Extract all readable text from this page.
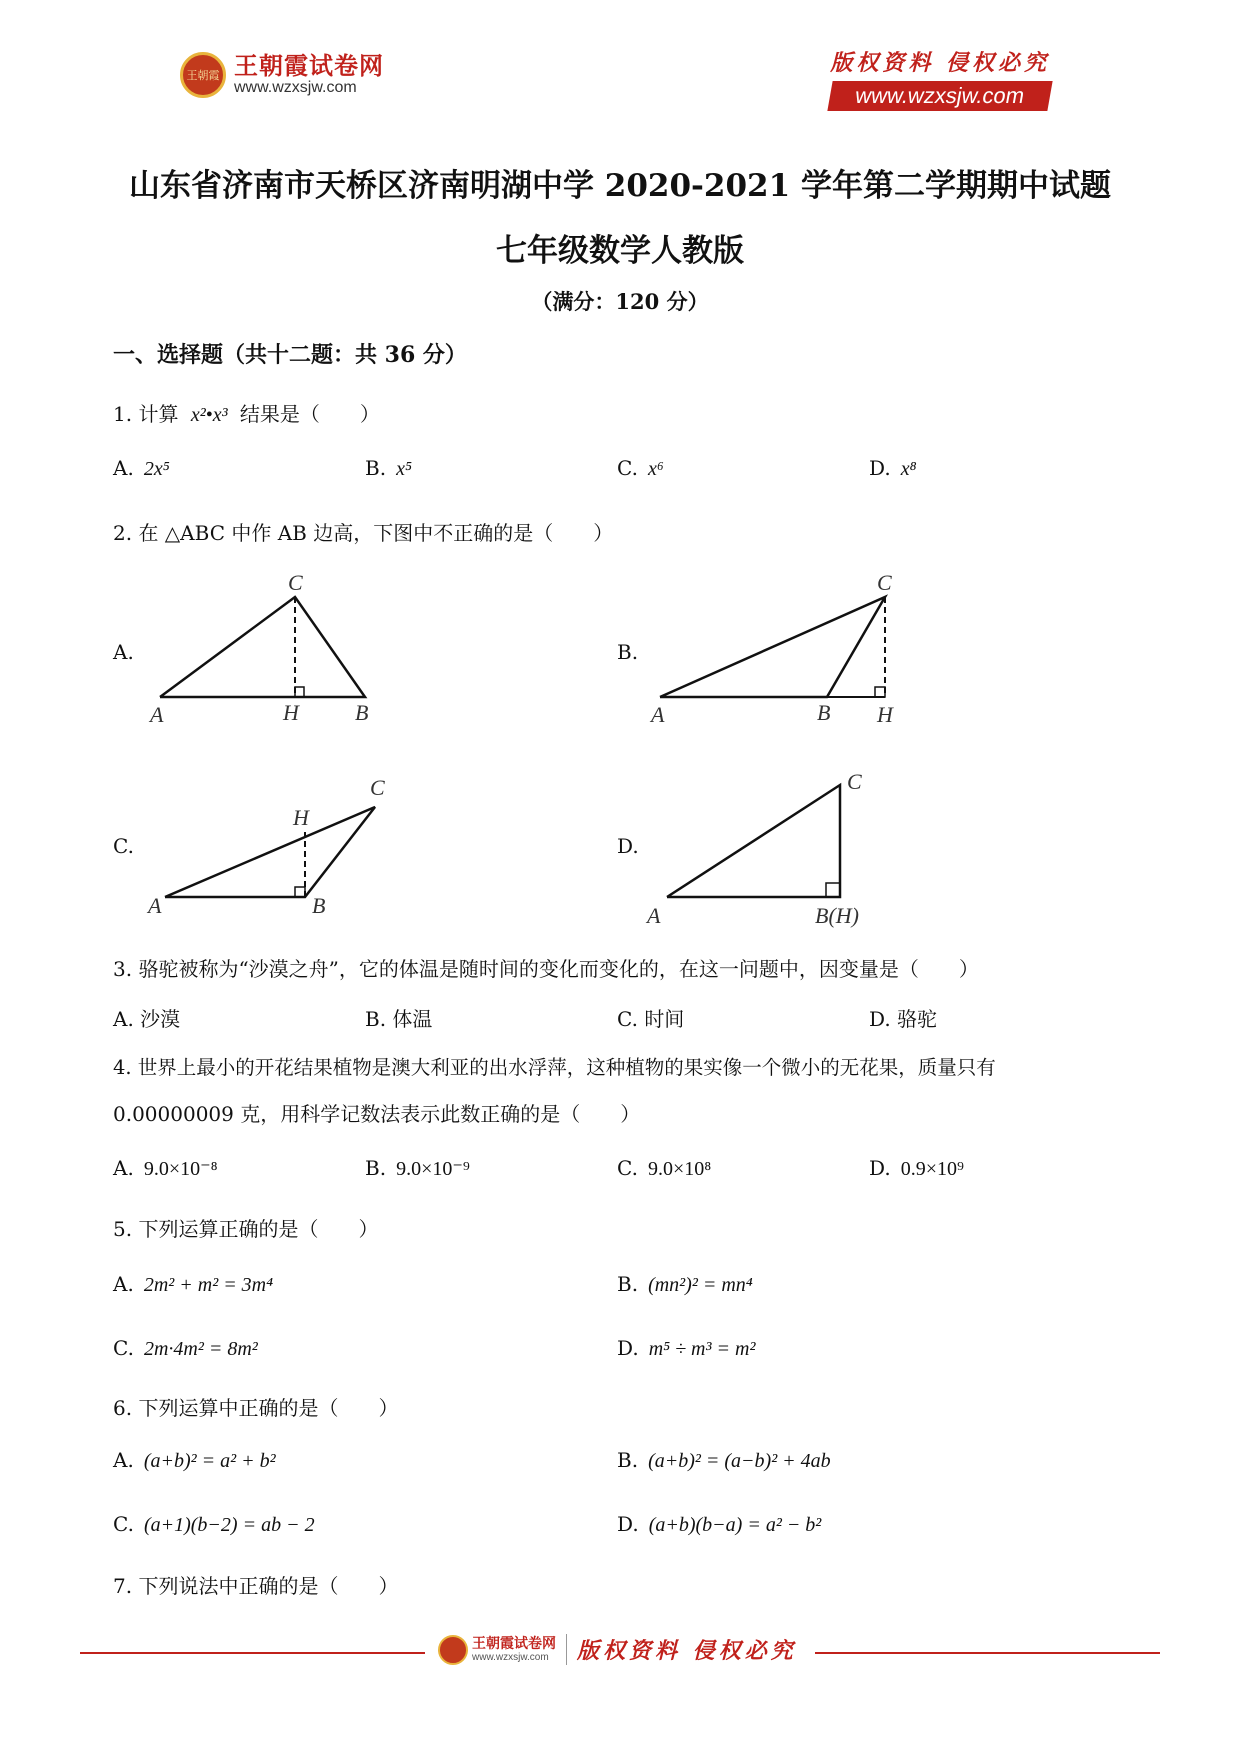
王朝霞 王朝霞试卷网
www.wzxsjw.com
版权资料 侵权必究
www.wzxsjw.com
山东省济南市天桥区济南明湖中学 2020-2021 学年第二学期期中试题
七年级数学人教版
（满分：120 分）
一、选择题（共十二题：共 36 分）
1. 计算 x²•x³ 结果是（　　）
A. 2x⁵	B. x⁵	C. x⁶	D. x⁸
2. 在 △ABC 中作 AB 边高，下图中不正确的是（　　）
A.	B.
C.	D.
C
A	H	B
C
A	B H
C
H
A	B
C
A	B(H)
3. 骆驼被称为“沙漠之舟”，它的体温是随时间的变化而变化的，在这一问题中，因变量是（　　）
A. 沙漠	B. 体温	C. 时间	D. 骆驼
4. 世界上最小的开花结果植物是澳大利亚的出水浮萍，这种植物的果实像一个微小的无花果，质量只有
0.00000009 克，用科学记数法表示此数正确的是（　　）
A. 9.0×10⁻⁸	B. 9.0×10⁻⁹	C. 9.0×10⁸	D. 0.9×10⁹
5. 下列运算正确的是（　　）
A. 2m² + m² = 3m⁴	B. (mn²)² = mn⁴
C. 2m·4m² = 8m²	D. m⁵ ÷ m³ = m²
6. 下列运算中正确的是（　　）
A. (a+b)² = a² + b²	B. (a+b)² = (a−b)² + 4ab
C. (a+1)(b−2) = ab − 2	D. (a+b)(b−a) = a² − b²
7. 下列说法中正确的是（　　）
王朝霞试卷网
www.wzxsjw.com	版权资料 侵权必究
